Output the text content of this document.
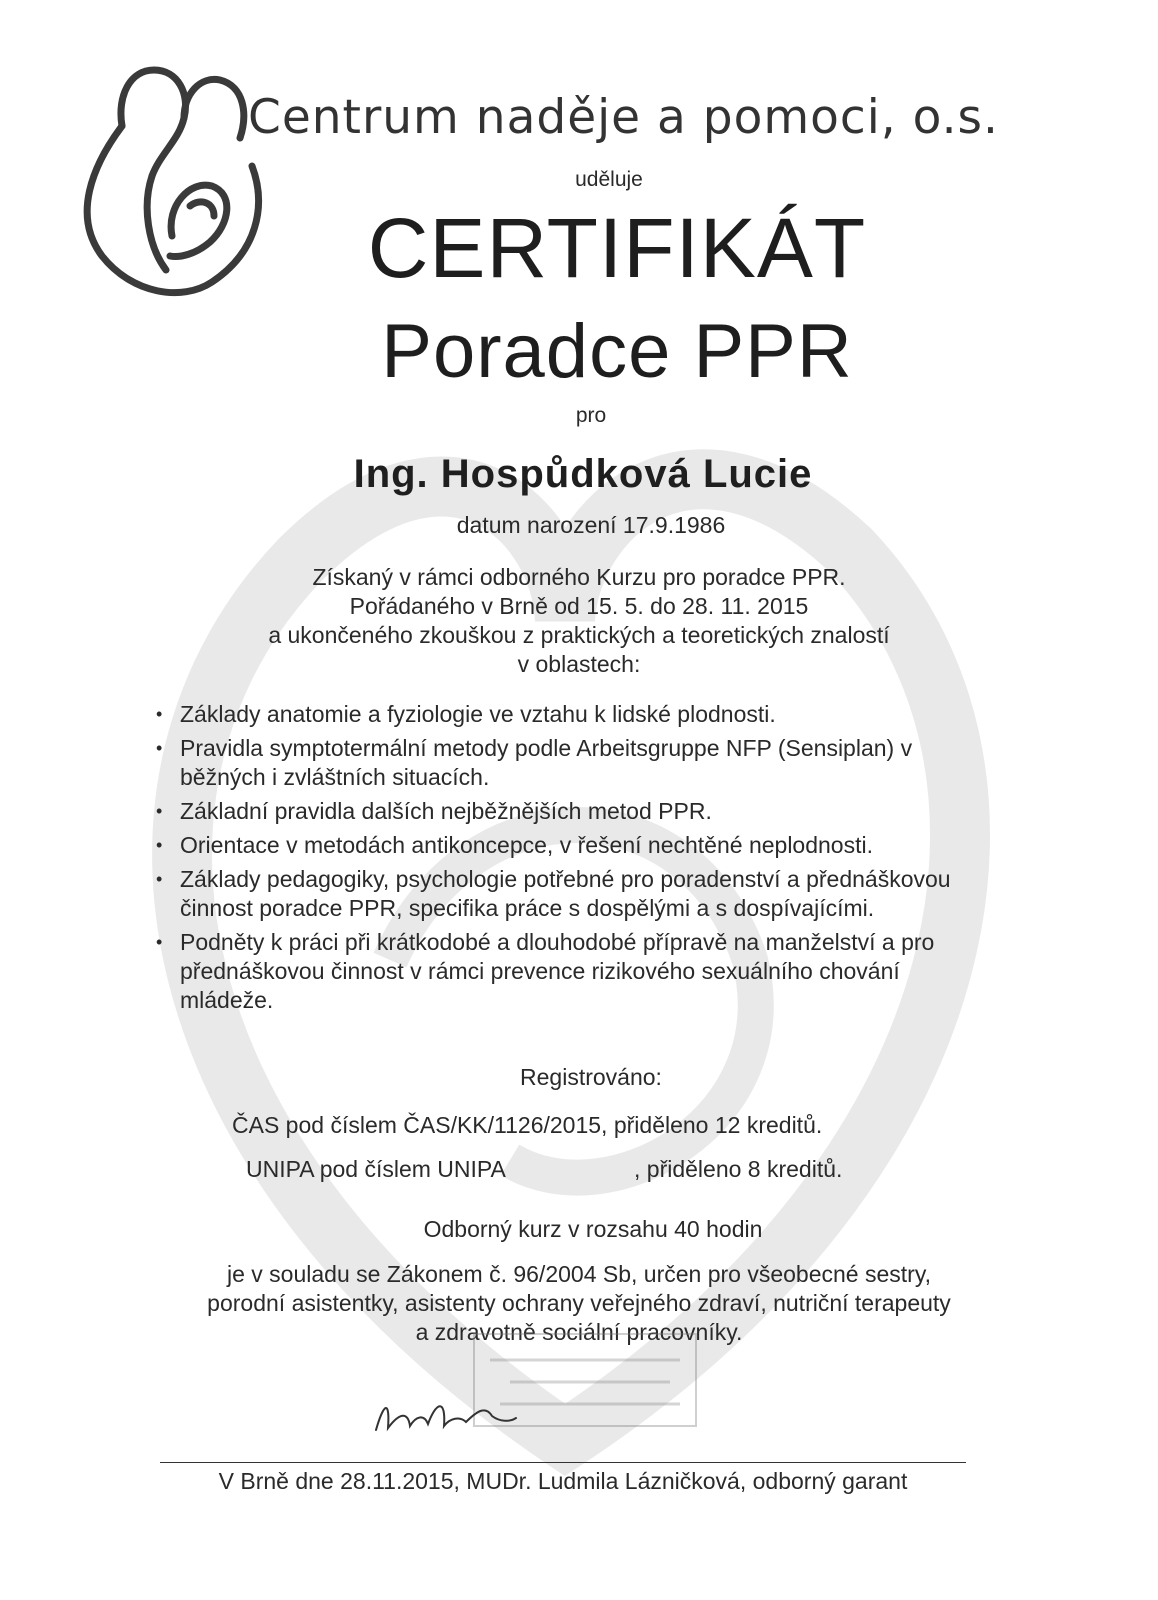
Centrum naděje a pomoci, o.s.
uděluje
CERTIFIKÁT
Poradce PPR
pro
Ing. Hospůdková Lucie
datum narození 17.9.1986
Získaný v rámci odborného Kurzu pro poradce PPR.
Pořádaného v Brně od 15. 5. do 28. 11. 2015
a ukončeného zkouškou z praktických a teoretických znalostí
v oblastech:
• Základy anatomie a fyziologie ve vztahu k lidské plodnosti.
• Pravidla symptotermální metody podle Arbeitsgruppe NFP (Sensiplan) v běžných i zvláštních situacích.
• Základní pravidla dalších nejběžnějších metod PPR.
• Orientace v metodách antikoncepce, v řešení nechtěné neplodnosti.
• Základy pedagogiky, psychologie potřebné pro poradenství a přednáškovou činnost poradce PPR, specifika práce s dospělými a s dospívajícími.
• Podněty k práci při krátkodobé a dlouhodobé přípravě na manželství a pro přednáškovou činnost v rámci prevence rizikového sexuálního chování mládeže.
Registrováno:
ČAS pod číslem ČAS/KK/1126/2015, přiděleno 12 kreditů.
UNIPA pod číslem UNIPA	, přiděleno 8 kreditů.
Odborný kurz v rozsahu 40 hodin
je v souladu se Zákonem č. 96/2004 Sb, určen pro všeobecné sestry,
porodní asistentky, asistenty ochrany veřejného zdraví, nutriční terapeuty
a zdravotně sociální pracovníky.
V Brně dne 28.11.2015, MUDr. Ludmila Lázničková, odborný garant
